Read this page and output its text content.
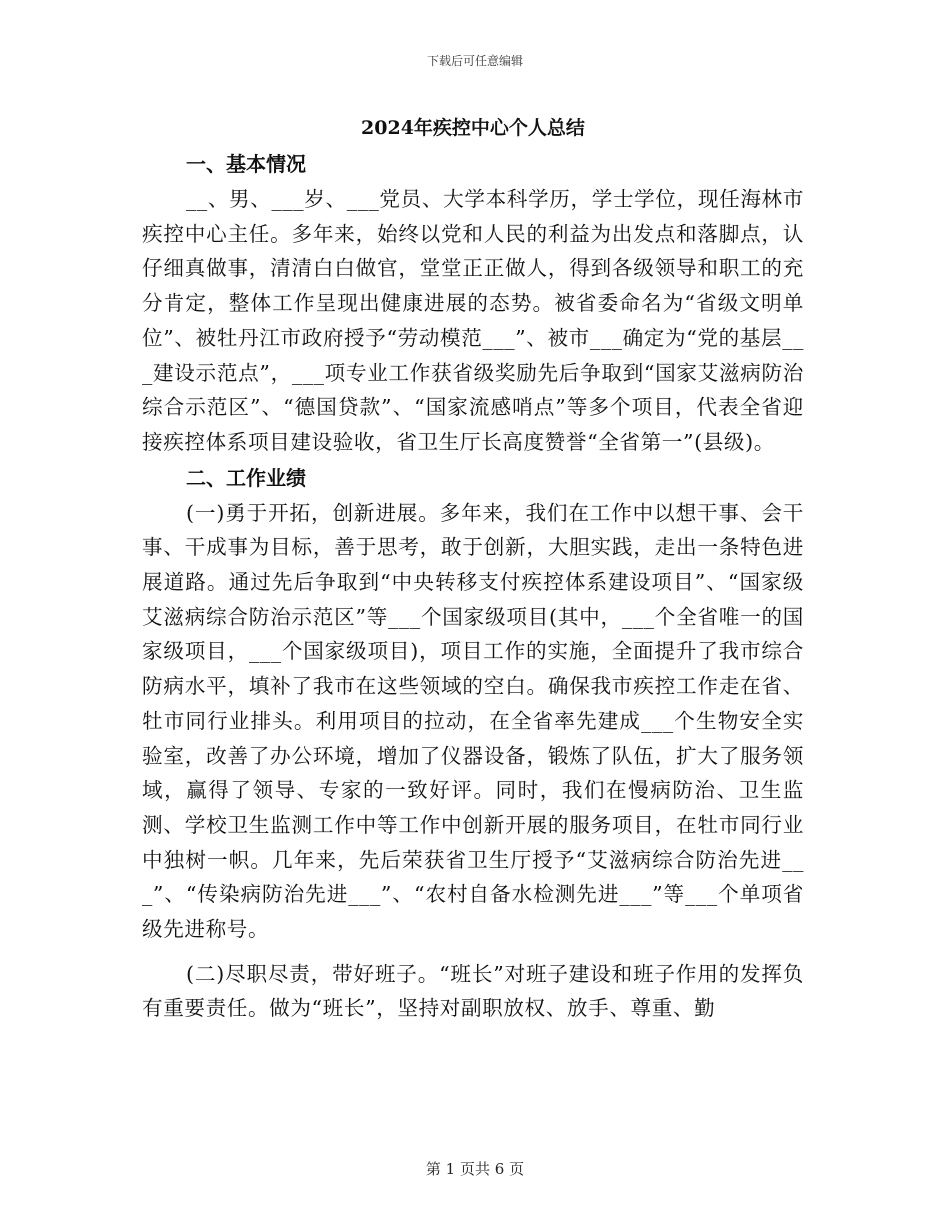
下载后可任意编辑
2024年疾控中心个人总结
一、基本情况

__、男、___岁、___党员、大学本科学历，学士学位，现任海林市疾控中心主任。多年来，始终以党和人民的利益为出发点和落脚点，认仔细真做事，清清白白做官，堂堂正正做人，得到各级领导和职工的充分肯定，整体工作呈现出健康进展的态势。被省委命名为“省级文明单位”、被牡丹江市政府授予“劳动模范___”、被市___确定为“党的基层___建设示范点”，___项专业工作获省级奖励先后争取到“国家艾滋病防治综合示范区”、“德国贷款”、“国家流感哨点”等多个项目，代表全省迎接疾控体系项目建设验收，省卫生厅长高度赞誉“全省第一”(县级)。

二、工作业绩

(一)勇于开拓，创新进展。多年来，我们在工作中以想干事、会干事、干成事为目标，善于思考，敢于创新，大胆实践，走出一条特色进展道路。通过先后争取到“中央转移支付疾控体系建设项目”、“国家级艾滋病综合防治示范区”等___个国家级项目(其中，___个全省唯一的国家级项目，___个国家级项目)，项目工作的实施，全面提升了我市综合防病水平，填补了我市在这些领域的空白。确保我市疾控工作走在省、牡市同行业排头。利用项目的拉动，在全省率先建成___个生物安全实验室，改善了办公环境，增加了仪器设备，锻炼了队伍，扩大了服务领域，赢得了领导、专家的一致好评。同时，我们在慢病防治、卫生监测、学校卫生监测工作中等工作中创新开展的服务项目，在牡市同行业中独树一帜。几年来，先后荣获省卫生厅授予“艾滋病综合防治先进___”、“传染病防治先进___”、“农村自备水检测先进___”等___个单项省级先进称号。

(二)尽职尽责，带好班子。“班长”对班子建设和班子作用的发挥负有重要责任。做为“班长”，坚持对副职放权、放手、尊重、勤

第 1 页共 6 页
